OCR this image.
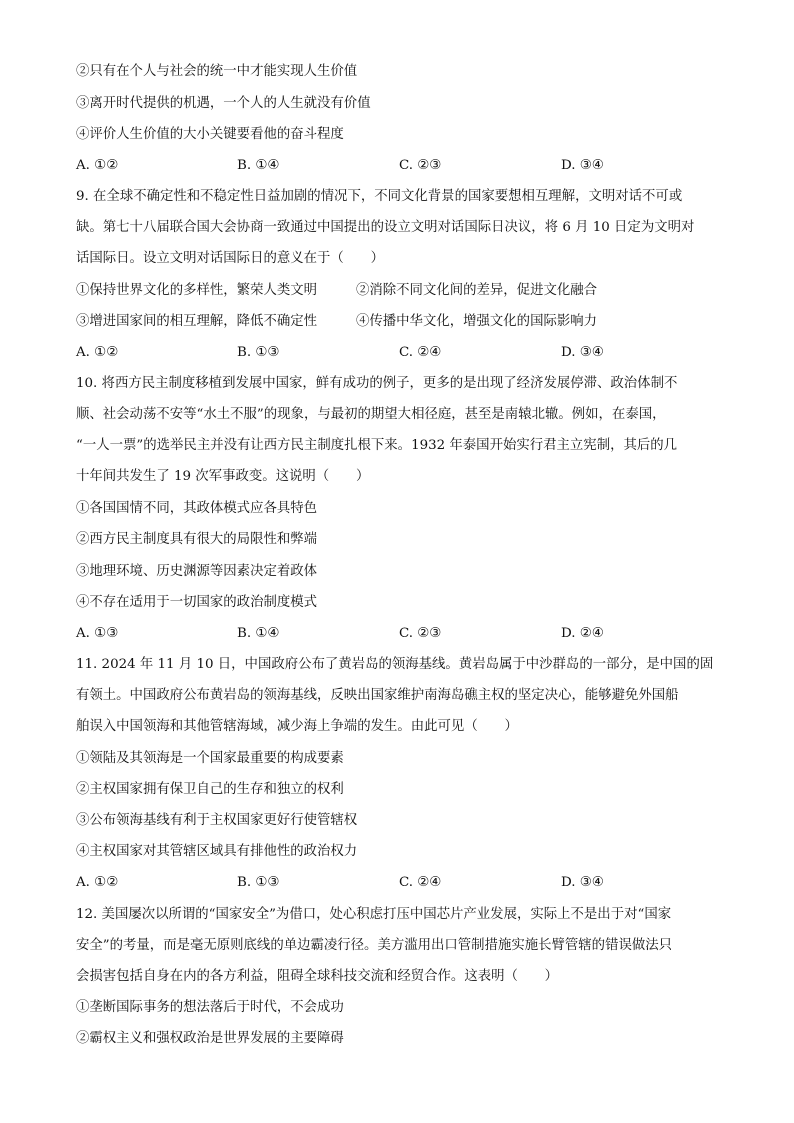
②只有在个人与社会的统一中才能实现人生价值
③离开时代提供的机遇，一个人的人生就没有价值
④评价人生价值的大小关键要看他的奋斗程度
A. ①②	B. ①④	C. ②③	D. ③④
9. 在全球不确定性和不稳定性日益加剧的情况下，不同文化背景的国家要想相互理解，文明对话不可或
缺。第七十八届联合国大会协商一致通过中国提出的设立文明对话国际日决议，将 6 月 10 日定为文明对
话国际日。设立文明对话国际日的意义在于（　　）
①保持世界文化的多样性，繁荣人类文明	②消除不同文化间的差异，促进文化融合
③增进国家间的相互理解，降低不确定性	④传播中华文化，增强文化的国际影响力
A. ①②	B. ①③	C. ②④	D. ③④
10. 将西方民主制度移植到发展中国家，鲜有成功的例子，更多的是出现了经济发展停滞、政治体制不
顺、社会动荡不安等“水土不服”的现象，与最初的期望大相径庭，甚至是南辕北辙。例如，在泰国，
“一人一票”的选举民主并没有让西方民主制度扎根下来。1932 年泰国开始实行君主立宪制，其后的几
十年间共发生了 19 次军事政变。这说明（　　）
①各国国情不同，其政体模式应各具特色
②西方民主制度具有很大的局限性和弊端
③地理环境、历史渊源等因素决定着政体
④不存在适用于一切国家的政治制度模式
A. ①③	B. ①④	C. ②③	D. ②④
11. 2024 年 11 月 10 日，中国政府公布了黄岩岛的领海基线。黄岩岛属于中沙群岛的一部分，是中国的固
有领土。中国政府公布黄岩岛的领海基线，反映出国家维护南海岛礁主权的坚定决心，能够避免外国船
舶误入中国领海和其他管辖海域，减少海上争端的发生。由此可见（　　）
①领陆及其领海是一个国家最重要的构成要素
②主权国家拥有保卫自己的生存和独立的权利
③公布领海基线有利于主权国家更好行使管辖权
④主权国家对其管辖区域具有排他性的政治权力
A. ①②	B. ①③	C. ②④	D. ③④
12. 美国屡次以所谓的“国家安全”为借口，处心积虑打压中国芯片产业发展，实际上不是出于对“国家
安全”的考量，而是毫无原则底线的单边霸凌行径。美方滥用出口管制措施实施长臂管辖的错误做法只
会损害包括自身在内的各方利益，阻碍全球科技交流和经贸合作。这表明（　　）
①垄断国际事务的想法落后于时代，不会成功
②霸权主义和强权政治是世界发展的主要障碍
